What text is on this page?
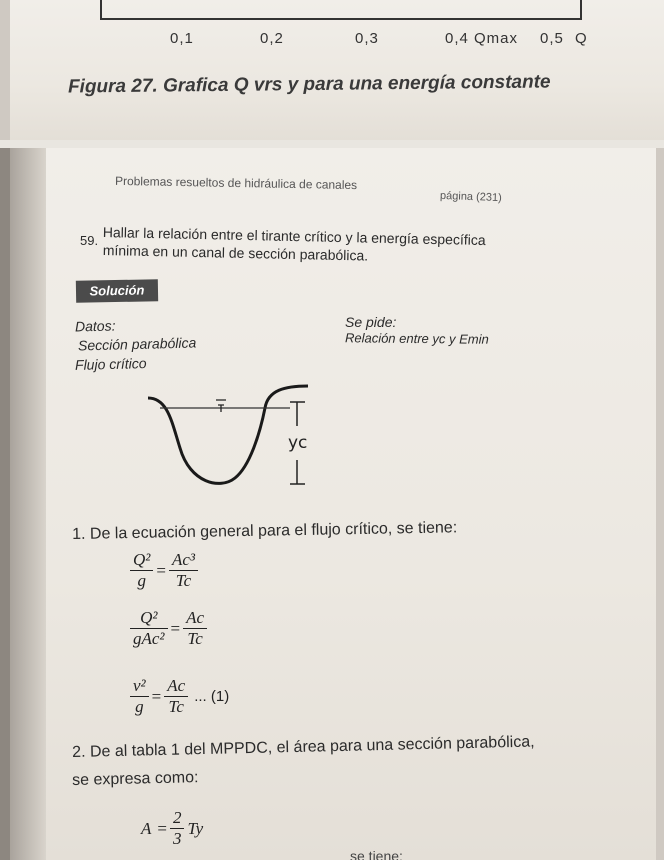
0,1	0,2	0,3	0,4 Qmax 0,5 Q
Figura 27. Grafica Q vrs y para una energía constante
Problemas resueltos de hidráulica de canales
página (231)
59. Hallar la relación entre el tirante crítico y la energía específica
mínima en un canal de sección parabólica.
Solución
Datos:
Sección parabólica
Flujo crítico
Se pide:
Relación entre yc y Emin
yc
1. De la ecuación general para el flujo crítico, se tiene:
$\frac{\text{Q²}}{g} = \frac{\text{Ac³}}{Tc}$
$\frac{\text{Q²}}{\text{gAc²}} = \frac{Ac}{Tc}$
$\frac{\text{v²}}{g} = \frac{Ac}{Tc}$ ... (1)
2. De al tabla 1 del MPPDC, el área para una sección parabólica,
se expresa como:
$A = \frac{2}{3}$ Ty
se tiene:
